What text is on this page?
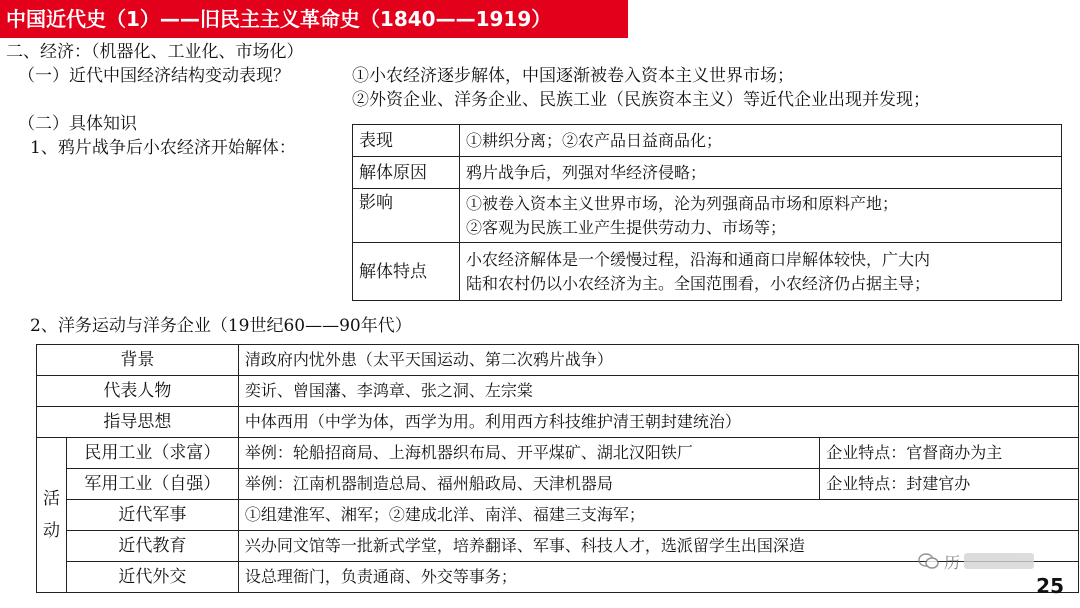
中国近代史（1）——旧民主主义革命史（1840——1919）
二、经济：（机器化、工业化、市场化）
（一）近代中国经济结构变动表现？	①小农经济逐步解体，中国逐渐被卷入资本主义世界市场；
②外资企业、洋务企业、民族工业（民族资本主义）等近代企业出现并发现；
（二）具体知识
1、鸦片战争后小农经济开始解体：	表现	①耕织分离；②农产品日益商品化；
解体原因	鸦片战争后，列强对华经济侵略；
影响	①被卷入资本主义世界市场，沦为列强商品市场和原料产地；
②客观为民族工业产生提供劳动力、市场等；

解体特点	小农经济解体是一个缓慢过程，沿海和通商口岸解体较快，广大内
陆和农村仍以小农经济为主。全国范围看，小农经济仍占据主导；
2、洋务运动与洋务企业（19世纪60——90年代）
背景		清政府内忧外患（太平天国运动、第二次鸦片战争）	
代表人物		奕䜣、曾国藩、李鸿章、张之洞、左宗棠	
指导思想		中体西用（中学为体，西学为用。利用西方科技维护清王朝封建统治）	

活
动	民用工业（求富）	举例：轮船招商局、上海机器织布局、开平煤矿、湖北汉阳铁厂	企业特点：官督商办为主
	军用工业（自强）	举例：江南机器制造总局、福州船政局、天津机器局	企业特点：封建官办
	近代军事	①组建淮军、湘军；②建成北洋、南洋、福建三支海军；	
	近代教育	兴办同文馆等一批新式学堂，培养翻译、军事、科技人才，选派留学生出国深造	
	近代外交	设总理衙门，负责通商、外交等事务；	
历
25
